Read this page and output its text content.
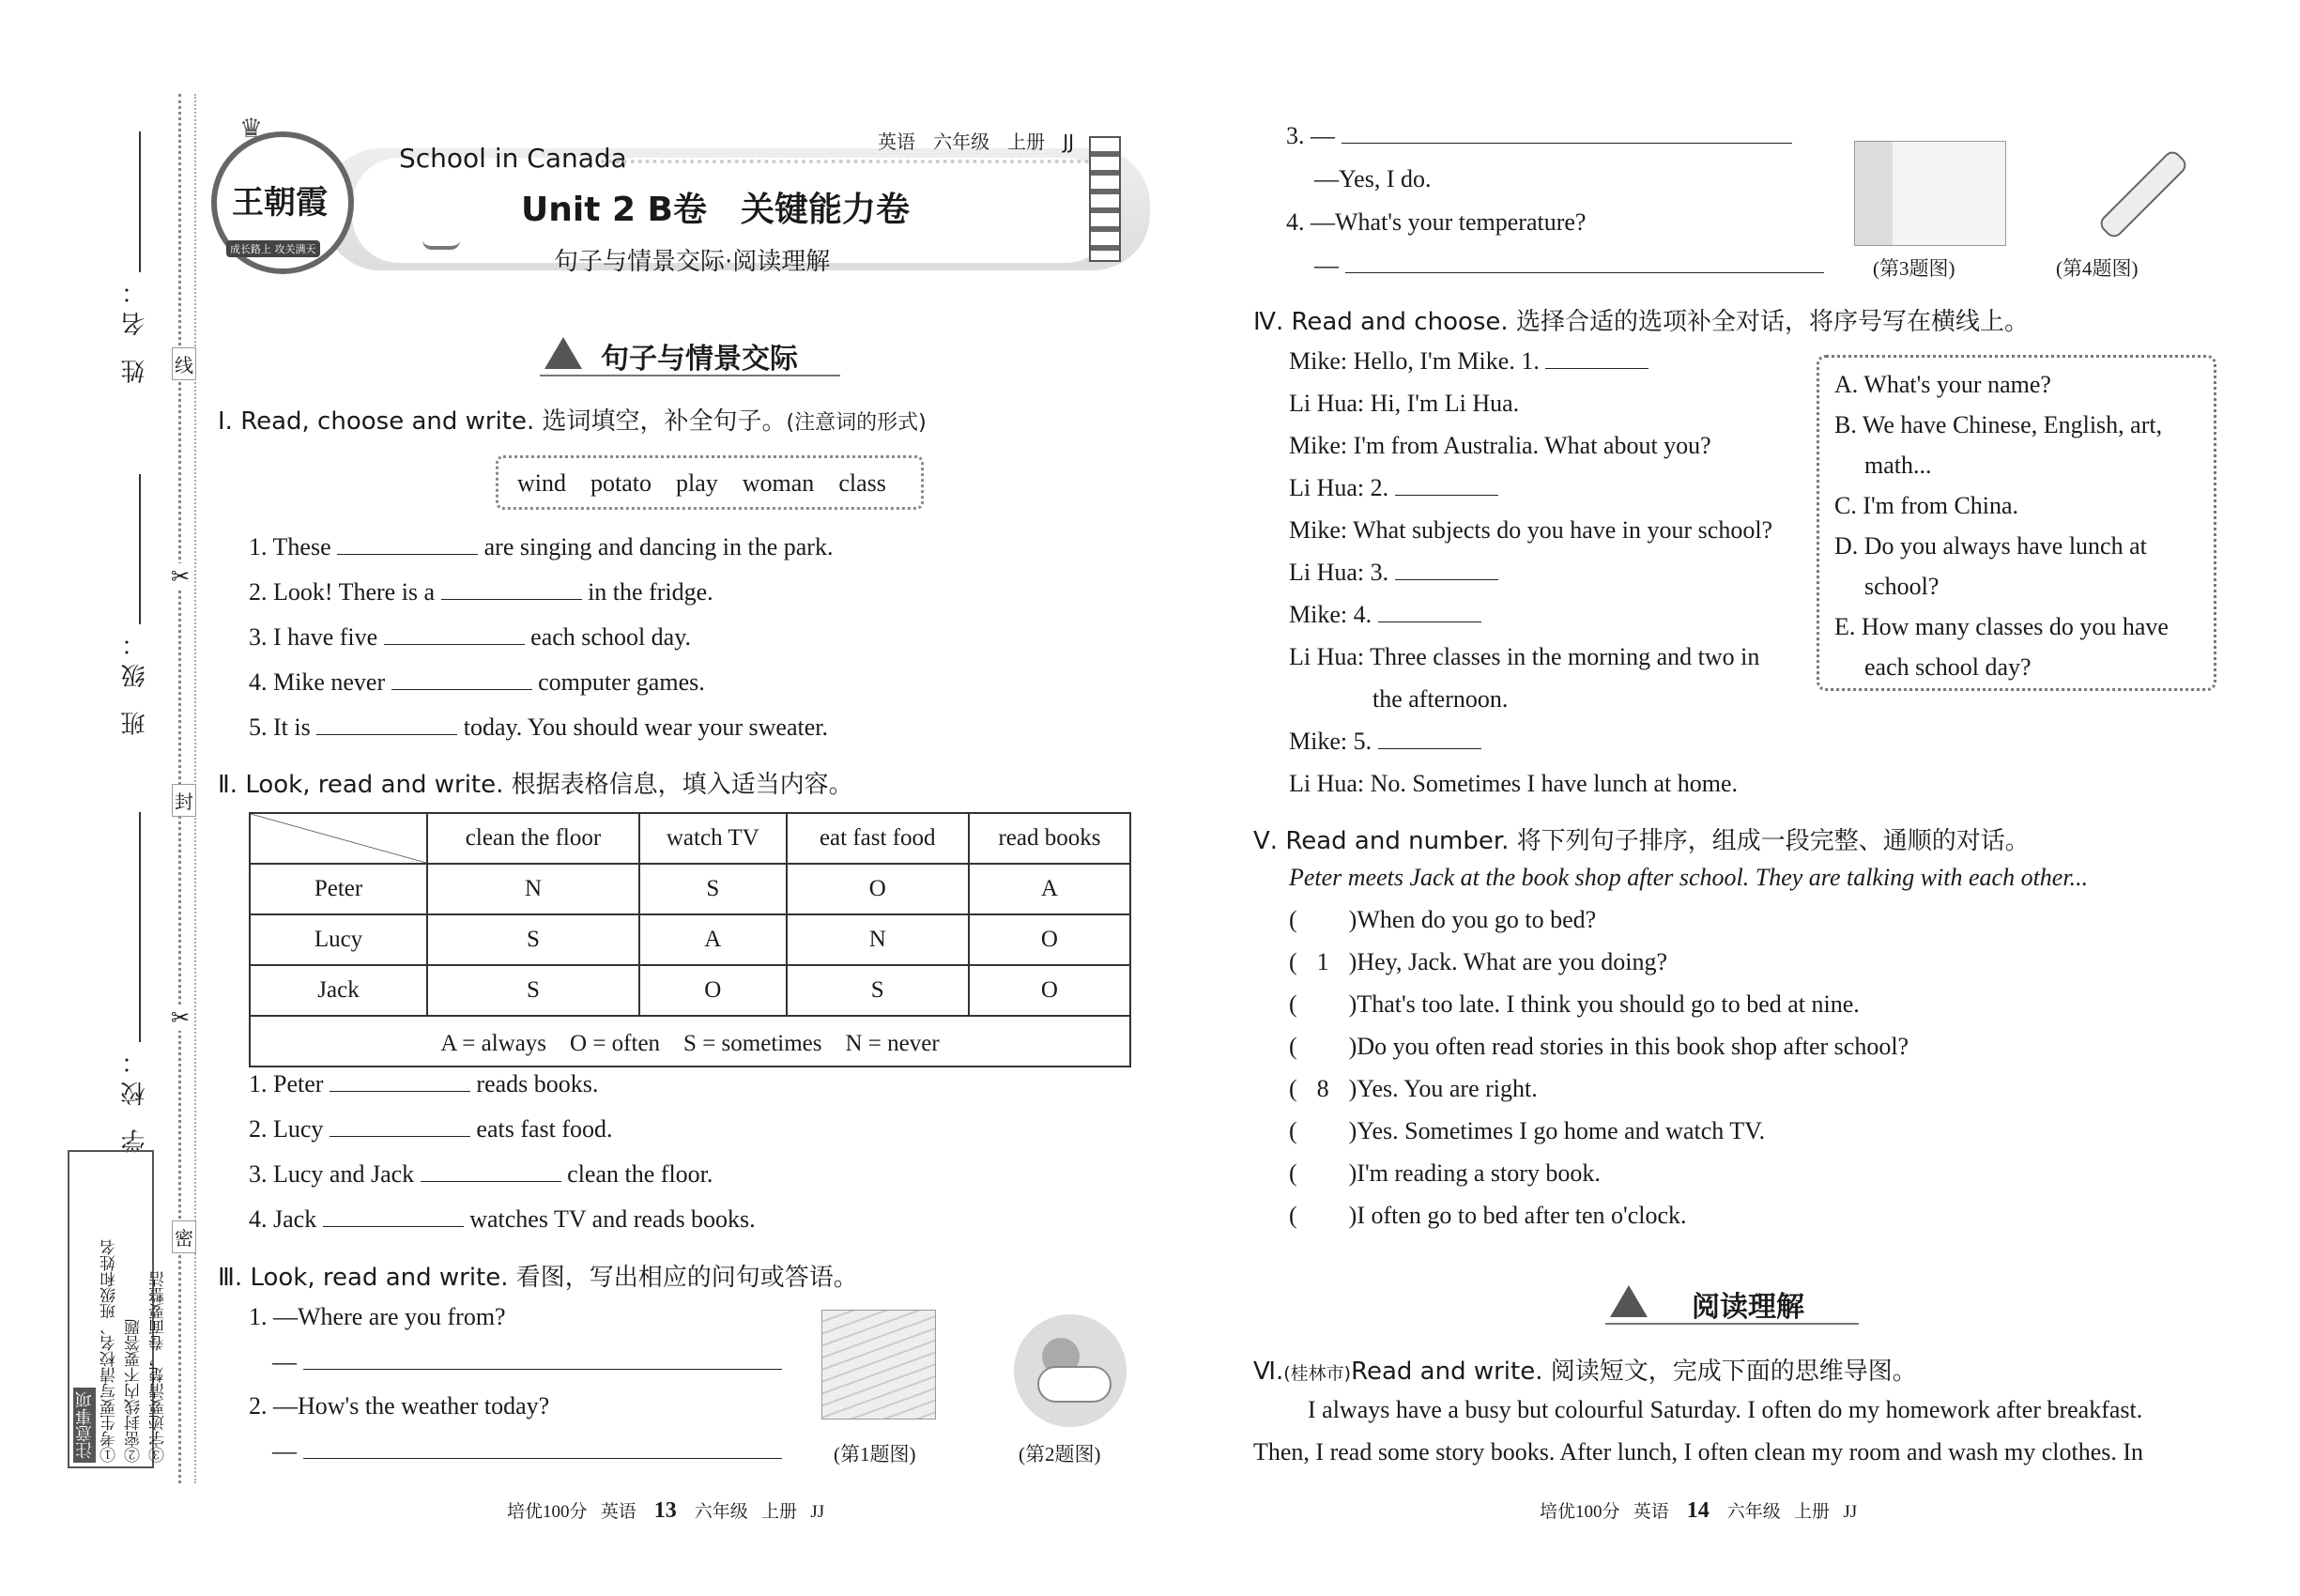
姓 名：
班 级：
学 校：
线
封
密
✂
✂
注意事项 ①考生要写清校名、班级和姓名 ②密封线内不要答题 ③字迹要清楚，卷面要整洁
王朝霞
成长路上 攻关满天
♛
School in Canada
英语 六年级 上册 JJ
Unit 2 B卷　关键能力卷
句子与情景交际·阅读理解
句子与情景交际
Ⅰ. Read, choose and write. 选词填空，补全句子。(注意词的形式)
wind potato play woman class
1. These	are singing and dancing in the park.
2. Look! There is a	in the fridge.
3. I have five	each school day.
4. Mike never	computer games.
5. It is	today. You should wear your sweater.
Ⅱ. Look, read and write. 根据表格信息，填入适当内容。
	clean the floor	watch TV	eat fast food	read books
Peter	N	S	O	A
Lucy	S	A	N	O
Jack	S	O	S	O
A = always　O = often　S = sometimes　N = never				
1. Peter	reads books.
2. Lucy	eats fast food.
3. Lucy and Jack	clean the floor.
4. Jack	watches TV and reads books.
Ⅲ. Look, read and write. 看图，写出相应的问句或答语。
1. —Where are you from?
—
2. —How's the weather today?
—	(第1题图)	(第2题图)
培优100分 英语 13 六年级 上册 JJ
3. —
—Yes, I do.
4. —What's your temperature?
—	(第3题图)	(第4题图)
Ⅳ. Read and choose. 选择合适的选项补全对话，将序号写在横线上。
Mike: Hello, I'm Mike. 1.
Li Hua: Hi, I'm Li Hua.
Mike: I'm from Australia. What about you?
Li Hua: 2.
Mike: What subjects do you have in your school?
Li Hua: 3.
Mike: 4.
Li Hua: Three classes in the morning and two in
the afternoon.
Mike: 5.
Li Hua: No. Sometimes I have lunch at home.
A. What's your name?
B. We have Chinese, English, art,
math...
C. I'm from China.
D. Do you always have lunch at
school?
E. How many classes do you have
each school day?
Ⅴ. Read and number. 将下列句子排序，组成一段完整、通顺的对话。
Peter meets Jack at the book shop after school. They are talking with each other...
( )When do you go to bed?
( 1 )Hey, Jack. What are you doing?
( )That's too late. I think you should go to bed at nine.
( )Do you often read stories in this book shop after school?
( 8 )Yes. You are right.
( )Yes. Sometimes I go home and watch TV.
( )I'm reading a story book.
( )I often go to bed after ten o'clock.
阅读理解
Ⅵ.(桂林市)Read and write. 阅读短文，完成下面的思维导图。
I always have a busy but colourful Saturday. I often do my homework after breakfast.
Then, I read some story books. After lunch, I often clean my room and wash my clothes. In
培优100分 英语 14 六年级 上册 JJ
